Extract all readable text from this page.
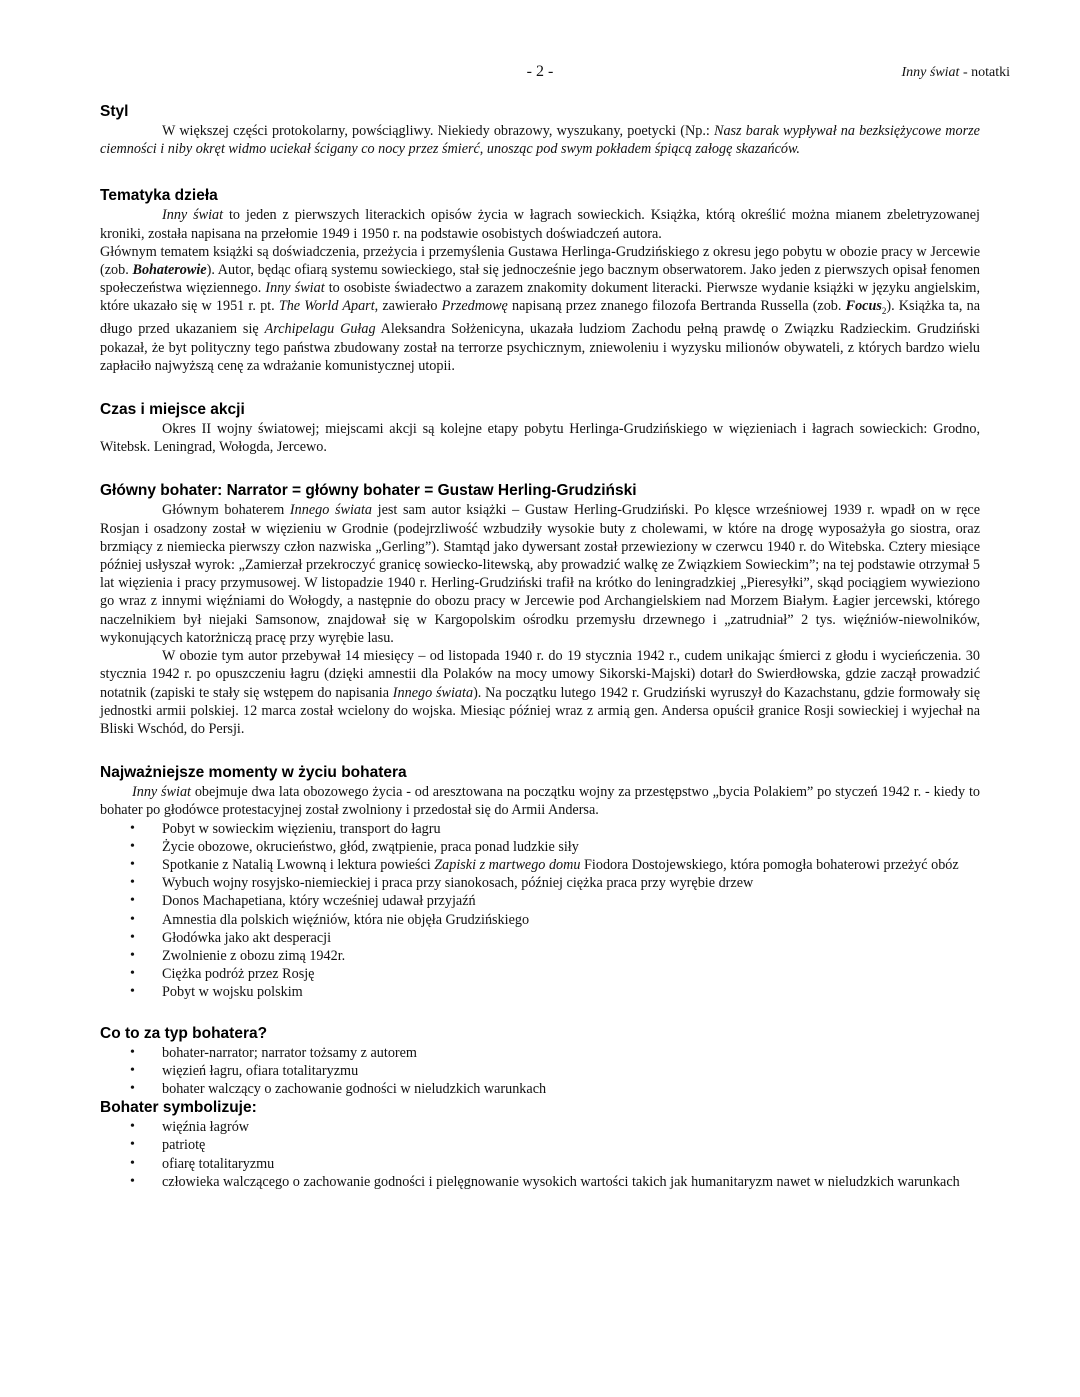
- 2 -	Inny świat - notatki
Styl

W większej części protokolarny, powściągliwy. Niekiedy obrazowy, wyszukany, poetycki (Np.: Nasz barak wypływał na bezksiężycowe morze ciemności i niby okręt widmo uciekał ścigany co nocy przez śmierć, unosząc pod swym pokładem śpiącą załogę skazańców.

Tematyka dzieła

Inny świat to jeden z pierwszych literackich opisów życia w łagrach sowieckich. Książka, którą określić można mianem zbeletryzowanej kroniki, została napisana na przełomie 1949 i 1950 r. na podstawie osobistych doświadczeń autora.

Głównym tematem książki są doświadczenia, przeżycia i przemyślenia Gustawa Herlinga-Grudzińskiego z okresu jego pobytu w obozie pracy w Jercewie (zob. Bohaterowie). Autor, będąc ofiarą systemu sowieckiego, stał się jednocześnie jego bacznym obserwatorem. Jako jeden z pierwszych opisał fenomen społeczeństwa więziennego. Inny świat to osobiste świadectwo a zarazem znakomity dokument literacki. Pierwsze wydanie książki w języku angielskim, które ukazało się w 1951 r. pt. The World Apart, zawierało Przedmowę napisaną przez znanego filozofa Bertranda Russella (zob. Focus$_2$). Książka ta, na długo przed ukazaniem się Archipelagu Gułag Aleksandra Sołżenicyna, ukazała ludziom Zachodu pełną prawdę o Związku Radzieckim. Grudziński pokazał, że byt polityczny tego państwa zbudowany został na terrorze psychicznym, zniewoleniu i wyzysku milionów obywateli, z których bardzo wielu zapłaciło najwyższą cenę za wdrażanie komunistycznej utopii.

Czas i miejsce akcji

Okres II wojny światowej; miejscami akcji są kolejne etapy pobytu Herlinga-Grudzińskiego w więzieniach i łagrach sowieckich: Grodno, Witebsk. Leningrad, Wołogda, Jercewo.

Główny bohater: Narrator = główny bohater = Gustaw Herling-Grudziński

Głównym bohaterem Innego świata jest sam autor książki – Gustaw Herling-Grudziński. Po klęsce wrześniowej 1939 r. wpadł on w ręce Rosjan i osadzony został w więzieniu w Grodnie (podejrzliwość wzbudziły wysokie buty z cholewami, w które na drogę wyposażyła go siostra, oraz brzmiący z niemiecka pierwszy człon nazwiska „Gerling”). Stamtąd jako dywersant został przewieziony w czerwcu 1940 r. do Witebska. Cztery miesiące później usłyszał wyrok: „Zamierzał przekroczyć granicę sowiecko-litewską, aby prowadzić walkę ze Związkiem Sowieckim”; na tej podstawie otrzymał 5 lat więzienia i pracy przymusowej. W listopadzie 1940 r. Herling-Grudziński trafił na krótko do leningradzkiej „Pieresyłki”, skąd pociągiem wywieziono go wraz z innymi więźniami do Wołogdy, a następnie do obozu pracy w Jercewie pod Archangielskiem nad Morzem Białym. Łagier jercewski, którego naczelnikiem był niejaki Samsonow, znajdował się w Kargopolskim ośrodku przemysłu drzewnego i „zatrudniał” 2 tys. więźniów-niewolników, wykonujących katorżniczą pracę przy wyrębie lasu.

W obozie tym autor przebywał 14 miesięcy – od listopada 1940 r. do 19 stycznia 1942 r., cudem unikając śmierci z głodu i wycieńczenia. 30 stycznia 1942 r. po opuszczeniu łagru (dzięki amnestii dla Polaków na mocy umowy Sikorski-Majski) dotarł do Swierdłowska, gdzie zaczął prowadzić notatnik (zapiski te stały się wstępem do napisania Innego świata). Na początku lutego 1942 r. Grudziński wyruszył do Kazachstanu, gdzie formowały się jednostki armii polskiej. 12 marca został wcielony do wojska. Miesiąc później wraz z armią gen. Andersa opuścił granice Rosji sowieckiej i wyjechał na Bliski Wschód, do Persji.

Najważniejsze momenty w życiu bohatera

Inny świat obejmuje dwa lata obozowego życia - od aresztowana na początku wojny za przestępstwo „bycia Polakiem” po styczeń 1942 r. - kiedy to bohater po głodówce protestacyjnej został zwolniony i przedostał się do Armii Andersa.

• Pobyt w sowieckim więzieniu, transport do łagru
• Życie obozowe, okrucieństwo, głód, zwątpienie, praca ponad ludzkie siły
• Spotkanie z Natalią Lwowną i lektura powieści Zapiski z martwego domu Fiodora Dostojewskiego, która pomogła bohaterowi przeżyć obóz
• Wybuch wojny rosyjsko-niemieckiej i praca przy sianokosach, później ciężka praca przy wyrębie drzew
• Donos Machapetiana, który wcześniej udawał przyjaźń
• Amnestia dla polskich więźniów, która nie objęła Grudzińskiego
• Głodówka jako akt desperacji
• Zwolnienie z obozu zimą 1942r.
• Ciężka podróż przez Rosję
• Pobyt w wojsku polskim
Co to za typ bohatera?
• bohater-narrator; narrator tożsamy z autorem
• więzień łagru, ofiara totalitaryzmu
• bohater walczący o zachowanie godności w nieludzkich warunkach
Bohater symbolizuje:
• więźnia łagrów
• patriotę
• ofiarę totalitaryzmu
• człowieka walczącego o zachowanie godności i pielęgnowanie wysokich wartości takich jak humanitaryzm nawet w nieludzkich warunkach
